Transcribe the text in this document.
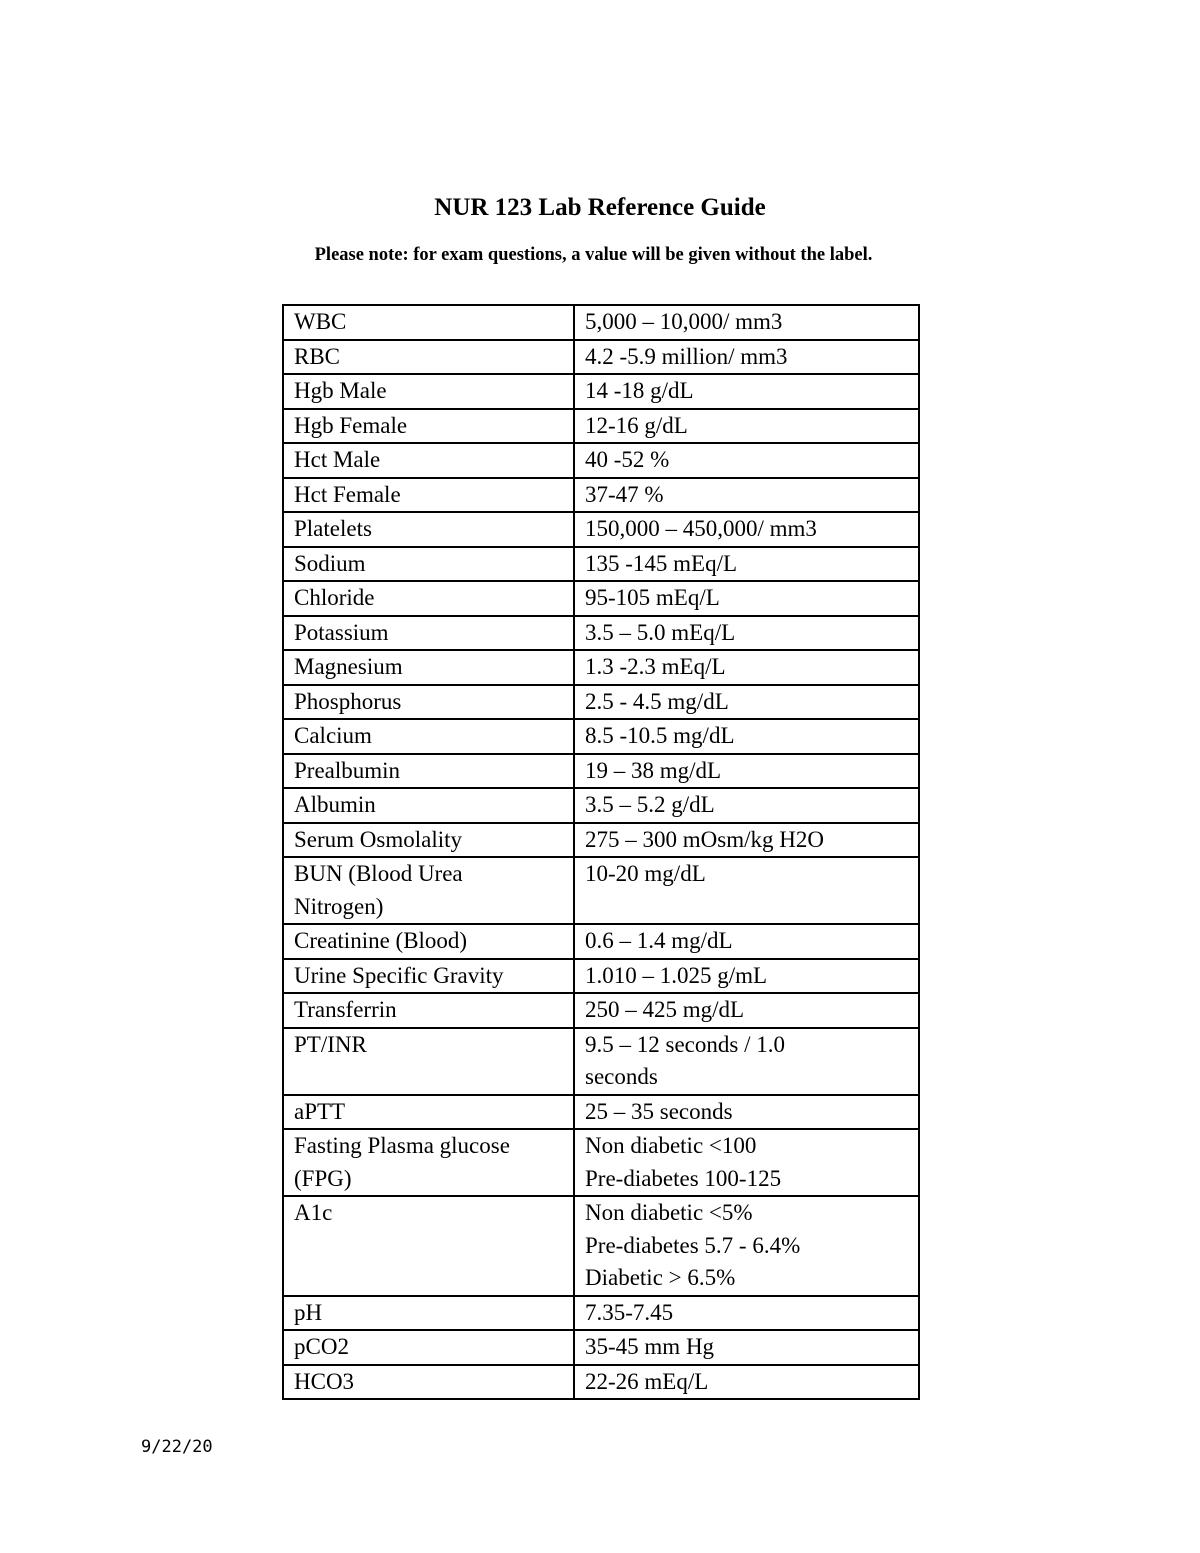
NUR 123 Lab Reference Guide

Please note: for exam questions, a value will be given without the label.

WBC	5,000 – 10,000/ mm3
RBC	4.2 -5.9 million/ mm3
Hgb Male	14 -18 g/dL
Hgb Female	12-16 g/dL
Hct Male	40 -52 %
Hct Female	37-47 %
Platelets	150,000 – 450,000/ mm3
Sodium	135 -145 mEq/L
Chloride	95-105 mEq/L
Potassium	3.5 – 5.0 mEq/L
Magnesium	1.3 -2.3 mEq/L
Phosphorus	2.5 - 4.5 mg/dL
Calcium	8.5 -10.5 mg/dL
Prealbumin	19 – 38 mg/dL
Albumin	3.5 – 5.2 g/dL
Serum Osmolality	275 – 300 mOsm/kg H2O
BUN (Blood Urea
Nitrogen)	10-20 mg/dL
Creatinine (Blood)	0.6 – 1.4 mg/dL
Urine Specific Gravity	1.010 – 1.025 g/mL
Transferrin	250 – 425 mg/dL
PT/INR	9.5 – 12 seconds / 1.0
seconds
aPTT	25 – 35 seconds
Fasting Plasma glucose
(FPG)	Non diabetic <100
Pre-diabetes 100-125
A1c	Non diabetic <5%
Pre-diabetes 5.7 - 6.4%
Diabetic > 6.5%
pH	7.35-7.45
pCO2	35-45 mm Hg
HCO3	22-26 mEq/L
9/22/20
